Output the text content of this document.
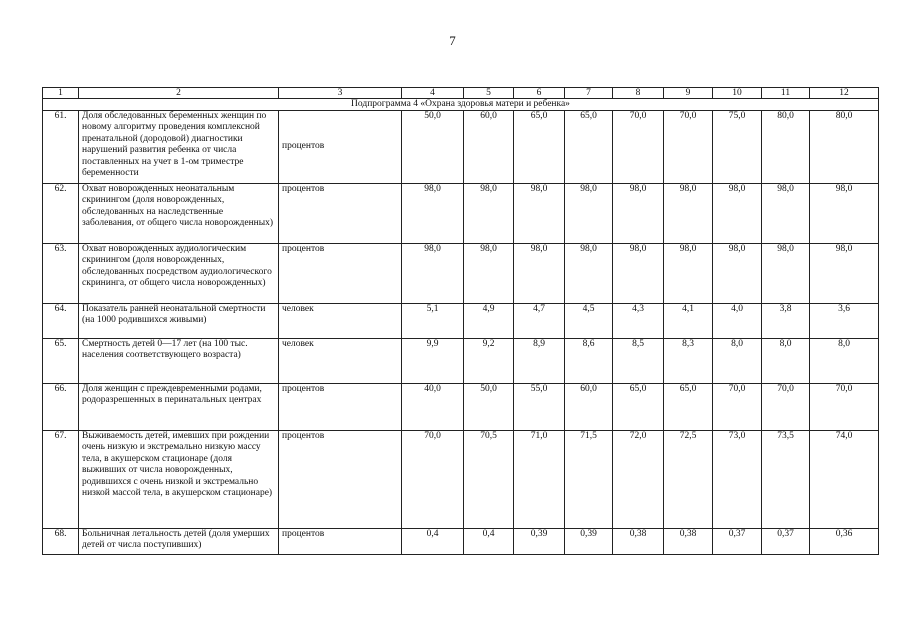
7
1	2	3	4	5	6	7	8	9	10	11	12
Подпрограмма 4 «Охрана здоровья матери и ребенка»											
61.	Доля обследованных беременных женщин по новому алгоритму проведения комплексной пренатальной (дородовой) диагностики нарушений развития ребенка от числа поставленных на учет в 1-ом триместре беременности	процентов	50,0	60,0	65,0	65,0	70,0	70,0	75,0	80,0	80,0
62.	Охват новорожденных неонатальным скринингом (доля новорожденных, обследованных на наследственные заболевания, от общего числа новорожденных)	процентов	98,0	98,0	98,0	98,0	98,0	98,0	98,0	98,0	98,0
63.	Охват новорожденных аудиологическим скринингом (доля новорожденных, обследованных посредством аудиологического скрининга, от общего числа новорожденных)	процентов	98,0	98,0	98,0	98,0	98,0	98,0	98,0	98,0	98,0
64.	Показатель ранней неонатальной смертности (на 1000 родившихся живыми)	человек	5,1	4,9	4,7	4,5	4,3	4,1	4,0	3,8	3,6
65.	Смертность детей 0—17 лет (на 100 тыс. населения соответствующего возраста)	человек	9,9	9,2	8,9	8,6	8,5	8,3	8,0	8,0	8,0
66.	Доля женщин с преждевременными родами, родоразрешенных в перинатальных центрах	процентов	40,0	50,0	55,0	60,0	65,0	65,0	70,0	70,0	70,0
67.	Выживаемость детей, имевших при рождении очень низкую и экстремально низкую массу тела, в акушерском стационаре (доля выживших от числа новорожденных, родившихся с очень низкой и экстремально низкой массой тела, в акушерском стационаре)	процентов	70,0	70,5	71,0	71,5	72,0	72,5	73,0	73,5	74,0
68.	Больничная летальность детей (доля умерших детей от числа поступивших)	процентов	0,4	0,4	0,39	0,39	0,38	0,38	0,37	0,37	0,36
